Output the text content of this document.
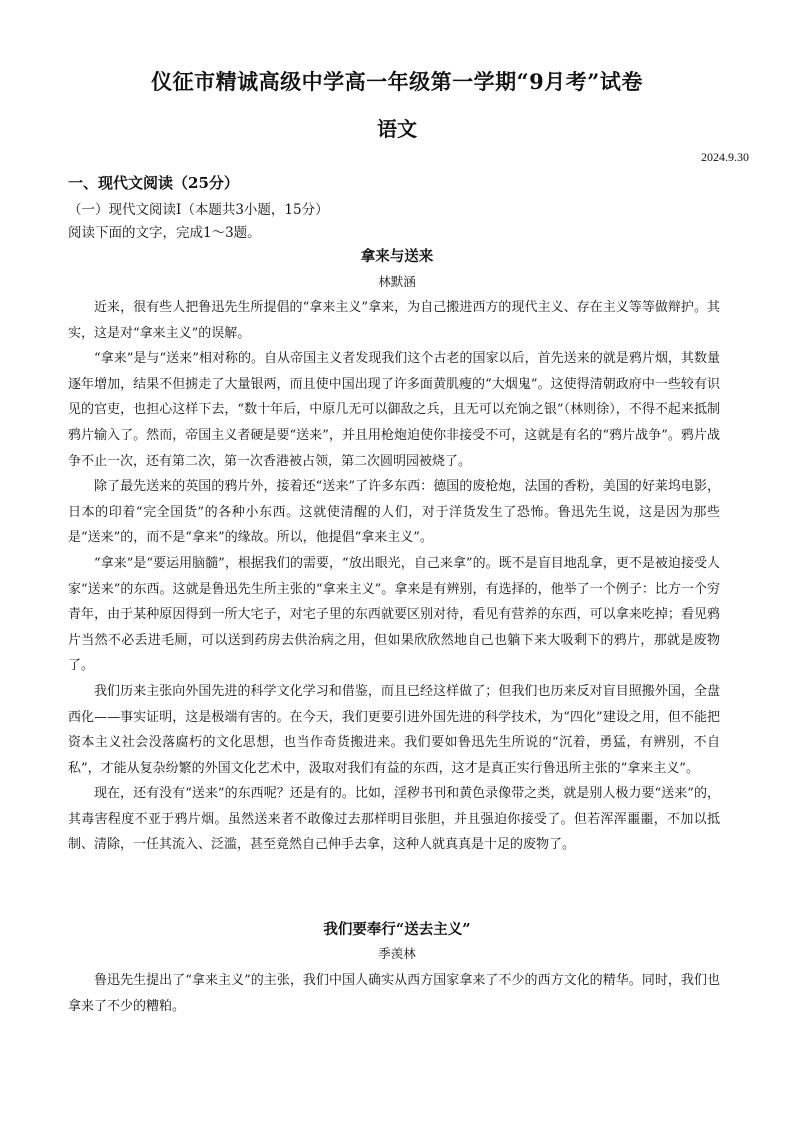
仪征市精诚高级中学高一年级第一学期“9月考”试卷
语文
2024.9.30
一、现代文阅读（25分）
（一）现代文阅读Ⅰ（本题共3小题，15分）
阅读下面的文字，完成1～3题。
拿来与送来
林默涵

近来，很有些人把鲁迅先生所提倡的“拿来主义”拿来，为自己搬进西方的现代主义、存在主义等等做辩护。其实，这是对“拿来主义”的误解。

“拿来”是与“送来”相对称的。自从帝国主义者发现我们这个古老的国家以后，首先送来的就是鸦片烟，其数量逐年增加，结果不但掳走了大量银两，而且使中国出现了许多面黄肌瘦的“大烟鬼”。这使得清朝政府中一些较有识见的官吏，也担心这样下去，“数十年后，中原几无可以御敌之兵，且无可以充饷之银”（林则徐），不得不起来抵制鸦片输入了。然而，帝国主义者硬是要“送来”，并且用枪炮迫使你非接受不可，这就是有名的“鸦片战争”。鸦片战争不止一次，还有第二次，第一次香港被占领，第二次圆明园被烧了。

除了最先送来的英国的鸦片外，接着还“送来”了许多东西：德国的废枪炮，法国的香粉，美国的好莱坞电影，日本的印着“完全国货”的各种小东西。这就使清醒的人们，对于洋货发生了恐怖。鲁迅先生说，这是因为那些是“送来”的，而不是“拿来”的缘故。所以，他提倡“拿来主义”。

“拿来”是“要运用脑髓”，根据我们的需要，“放出眼光，自己来拿”的。既不是盲目地乱拿，更不是被迫接受人家“送来”的东西。这就是鲁迅先生所主张的“拿来主义”。拿来是有辨别，有选择的，他举了一个例子：比方一个穷青年，由于某种原因得到一所大宅子，对宅子里的东西就要区别对待，看见有营养的东西，可以拿来吃掉；看见鸦片当然不必丢进毛厕，可以送到药房去供治病之用，但如果欣欣然地自己也躺下来大吸剩下的鸦片，那就是废物了。

我们历来主张向外国先进的科学文化学习和借鉴，而且已经这样做了；但我们也历来反对盲目照搬外国，全盘西化——事实证明，这是极端有害的。在今天，我们更要引进外国先进的科学技术，为“四化”建设之用，但不能把资本主义社会没落腐朽的文化思想，也当作奇货搬进来。我们要如鲁迅先生所说的“沉着，勇猛，有辨别，不自私”，才能从复杂纷繁的外国文化艺术中，汲取对我们有益的东西，这才是真正实行鲁迅所主张的“拿来主义”。

现在，还有没有“送来”的东西呢？还是有的。比如，淫秽书刊和黄色录像带之类，就是别人极力要“送来”的，其毒害程度不亚于鸦片烟。虽然送来者不敢像过去那样明目张胆，并且强迫你接受了。但若浑浑噩噩，不加以抵制、清除，一任其流入、泛滥，甚至竟然自己伸手去拿，这种人就真真是十足的废物了。

我们要奉行“送去主义”
季羡林

鲁迅先生提出了“拿来主义”的主张，我们中国人确实从西方国家拿来了不少的西方文化的精华。同时，我们也拿来了不少的糟粕。
